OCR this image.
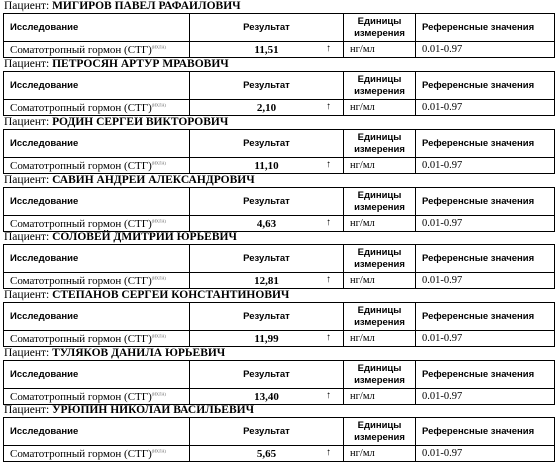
Пациент: МИГИРОВ ПАВЕЛ РАФАИЛОВИЧ
Исследование	Результат	Единицы измерения	Референсные значения
Соматотропный гормон (СТГ)$^{(ИХЛА)}$	11,51 ↑	нг/мл	0.01-0.97
Пациент: ПЕТРОСЯН АРТУР МРАВОВИЧ
Исследование	Результат	Единицы измерения	Референсные значения
Соматотропный гормон (СТГ)$^{(ИХЛА)}$	2,10 ↑	нг/мл	0.01-0.97
Пациент: РОДИН СЕРГЕИ ВИКТОРОВИЧ
Исследование	Результат	Единицы измерения	Референсные значения
Соматотропный гормон (СТГ)$^{(ИХЛА)}$	11,10 ↑	нг/мл	0.01-0.97
Пациент: САВИН АНДРЕИ АЛЕКСАНДРОВИЧ
Исследование	Результат	Единицы измерения	Референсные значения
Соматотропный гормон (СТГ)$^{(ИХЛА)}$	4,63 ↑	нг/мл	0.01-0.97
Пациент: СОЛОВЕЙ ДМИТРИИ ЮРЬЕВИЧ
Исследование	Результат	Единицы измерения	Референсные значения
Соматотропный гормон (СТГ)$^{(ИХЛА)}$	12,81 ↑	нг/мл	0.01-0.97
Пациент: СТЕПАНОВ СЕРГЕИ КОНСТАНТИНОВИЧ
Исследование	Результат	Единицы измерения	Референсные значения
Соматотропный гормон (СТГ)$^{(ИХЛА)}$	11,99 ↑	нг/мл	0.01-0.97
Пациент: ТУЛЯКОВ ДАНИЛА ЮРЬЕВИЧ
Исследование	Результат	Единицы измерения	Референсные значения
Соматотропный гормон (СТГ)$^{(ИХЛА)}$	13,40 ↑	нг/мл	0.01-0.97
Пациент: УРЮПИН НИКОЛАИ ВАСИЛЬЕВИЧ
Исследование	Результат	Единицы измерения	Референсные значения
Соматотропный гормон (СТГ)$^{(ИХЛА)}$	5,65 ↑	нг/мл	0.01-0.97
